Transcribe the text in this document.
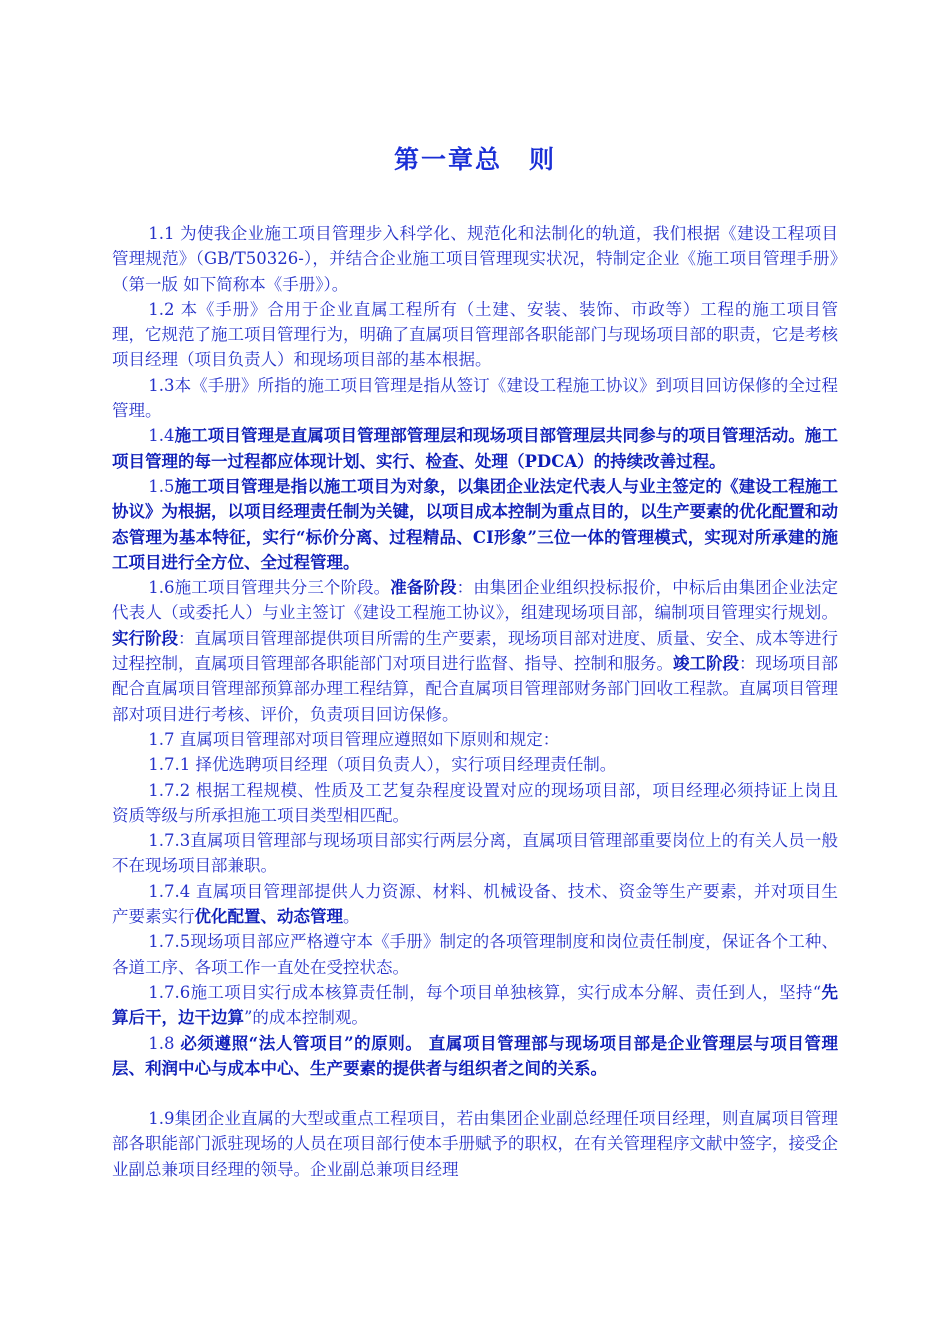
第一章总　则

1.1 为使我企业施工项目管理步入科学化、规范化和法制化的轨道，我们根据《建设工程项目管理规范》（GB/T50326-），并结合企业施工项目管理现实状况，特制定企业《施工项目管理手册》（第一版 如下简称本《手册》）。

1.2 本《手册》合用于企业直属工程所有（土建、安装、装饰、市政等）工程的施工项目管理，它规范了施工项目管理行为，明确了直属项目管理部各职能部门与现场项目部的职责，它是考核项目经理（项目负责人）和现场项目部的基本根据。

1.3本《手册》所指的施工项目管理是指从签订《建设工程施工协议》到项目回访保修的全过程管理。

1.4施工项目管理是直属项目管理部管理层和现场项目部管理层共同参与的项目管理活动。施工项目管理的每一过程都应体现计划、实行、检查、处理（PDCA）的持续改善过程。

1.5施工项目管理是指以施工项目为对象，以集团企业法定代表人与业主签定的《建设工程施工协议》为根据，以项目经理责任制为关键，以项目成本控制为重点目的，以生产要素的优化配置和动态管理为基本特征，实行“标价分离、过程精品、CI形象”三位一体的管理模式，实现对所承建的施工项目进行全方位、全过程管理。

1.6施工项目管理共分三个阶段。准备阶段：由集团企业组织投标报价，中标后由集团企业法定代表人（或委托人）与业主签订《建设工程施工协议》，组建现场项目部，编制项目管理实行规划。实行阶段：直属项目管理部提供项目所需的生产要素，现场项目部对进度、质量、安全、成本等进行过程控制，直属项目管理部各职能部门对项目进行监督、指导、控制和服务。竣工阶段：现场项目部配合直属项目管理部预算部办理工程结算，配合直属项目管理部财务部门回收工程款。直属项目管理部对项目进行考核、评价，负责项目回访保修。

1.7 直属项目管理部对项目管理应遵照如下原则和规定：

1.7.1 择优选聘项目经理（项目负责人），实行项目经理责任制。

1.7.2 根据工程规模、性质及工艺复杂程度设置对应的现场项目部，项目经理必须持证上岗且资质等级与所承担施工项目类型相匹配。

1.7.3直属项目管理部与现场项目部实行两层分离，直属项目管理部重要岗位上的有关人员一般不在现场项目部兼职。

1.7.4 直属项目管理部提供人力资源、材料、机械设备、技术、资金等生产要素，并对项目生产要素实行优化配置、动态管理。

1.7.5现场项目部应严格遵守本《手册》制定的各项管理制度和岗位责任制度，保证各个工种、各道工序、各项工作一直处在受控状态。

1.7.6施工项目实行成本核算责任制，每个项目单独核算，实行成本分解、责任到人，坚持“先算后干，边干边算”的成本控制观。

1.8 必须遵照“法人管项目”的原则。 直属项目管理部与现场项目部是企业管理层与项目管理层、利润中心与成本中心、生产要素的提供者与组织者之间的关系。

1.9集团企业直属的大型或重点工程项目，若由集团企业副总经理任项目经理，则直属项目管理部各职能部门派驻现场的人员在项目部行使本手册赋予的职权，在有关管理程序文献中签字，接受企业副总兼项目经理的领导。企业副总兼项目经理
